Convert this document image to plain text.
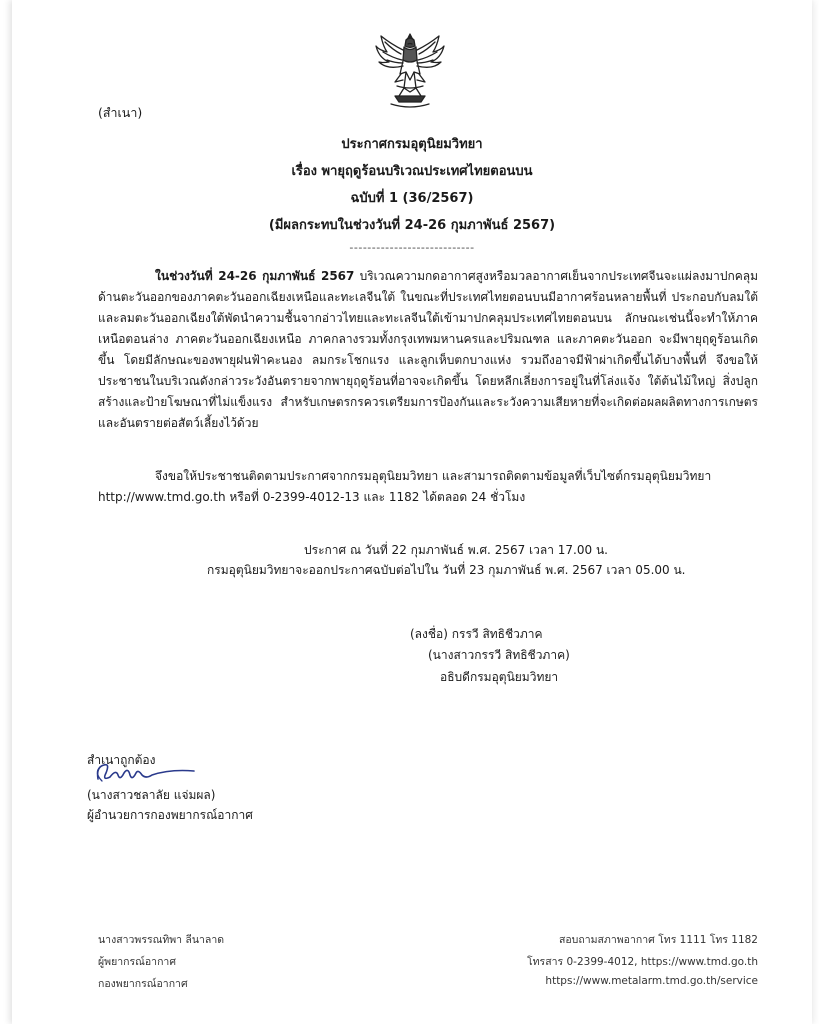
(สำเนา)
ประกาศกรมอุตุนิยมวิทยา
เรื่อง พายุฤดูร้อนบริเวณประเทศไทยตอนบน
ฉบับที่ 1 (36/2567)
(มีผลกระทบในช่วงวันที่ 24-26 กุมภาพันธ์ 2567)
----------------------------
ในช่วงวันที่ 24-26 กุมภาพันธ์ 2567 บริเวณความกดอากาศสูงหรือมวลอากาศเย็นจากประเทศจีนจะแผ่ลงมาปกคลุมด้านตะวันออกของภาคตะวันออกเฉียงเหนือและทะเลจีนใต้ ในขณะที่ประเทศไทยตอนบนมีอากาศร้อนหลายพื้นที่ ประกอบกับลมใต้และลมตะวันออกเฉียงใต้พัดนำความชื้นจากอ่าวไทยและทะเลจีนใต้เข้ามาปกคลุมประเทศไทยตอนบน ลักษณะเช่นนี้จะทำให้ภาคเหนือตอนล่าง ภาคตะวันออกเฉียงเหนือ ภาคกลางรวมทั้งกรุงเทพมหานครและปริมณฑล และภาคตะวันออก จะมีพายุฤดูร้อนเกิดขึ้น โดยมีลักษณะของพายุฝนฟ้าคะนอง ลมกระโชกแรง และลูกเห็บตกบางแห่ง รวมถึงอาจมีฟ้าผ่าเกิดขึ้นได้บางพื้นที่ จึงขอให้ประชาชนในบริเวณดังกล่าวระวังอันตรายจากพายุฤดูร้อนที่อาจจะเกิดขึ้น โดยหลีกเลี่ยงการอยู่ในที่โล่งแจ้ง ใต้ต้นไม้ใหญ่ สิ่งปลูกสร้างและป้ายโฆษณาที่ไม่แข็งแรง สำหรับเกษตรกรควรเตรียมการป้องกันและระวังความเสียหายที่จะเกิดต่อผลผลิตทางการเกษตรและอันตรายต่อสัตว์เลี้ยงไว้ด้วย
จึงขอให้ประชาชนติดตามประกาศจากกรมอุตุนิยมวิทยา และสามารถติดตามข้อมูลที่เว็บไซต์กรมอุตุนิยมวิทยา http://www.tmd.go.th หรือที่ 0-2399-4012-13 และ 1182 ได้ตลอด 24 ชั่วโมง
ประกาศ ณ วันที่ 22 กุมภาพันธ์ พ.ศ. 2567 เวลา 17.00 น.
กรมอุตุนิยมวิทยาจะออกประกาศฉบับต่อไปใน วันที่ 23 กุมภาพันธ์ พ.ศ. 2567 เวลา 05.00 น.
(ลงชื่อ) กรรวี สิทธิชีวภาค
(นางสาวกรรวี สิทธิชีวภาค)
อธิบดีกรมอุตุนิยมวิทยา
สำเนาถูกต้อง
(นางสาวชลาลัย แจ่มผล)
ผู้อำนวยการกองพยากรณ์อากาศ
นางสาวพรรณทิพา ลีนาลาด
ผู้พยากรณ์อากาศ
กองพยากรณ์อากาศ
สอบถามสภาพอากาศ โทร 1111 โทร 1182
โทรสาร 0-2399-4012, https://www.tmd.go.th
https://www.metalarm.tmd.go.th/service
